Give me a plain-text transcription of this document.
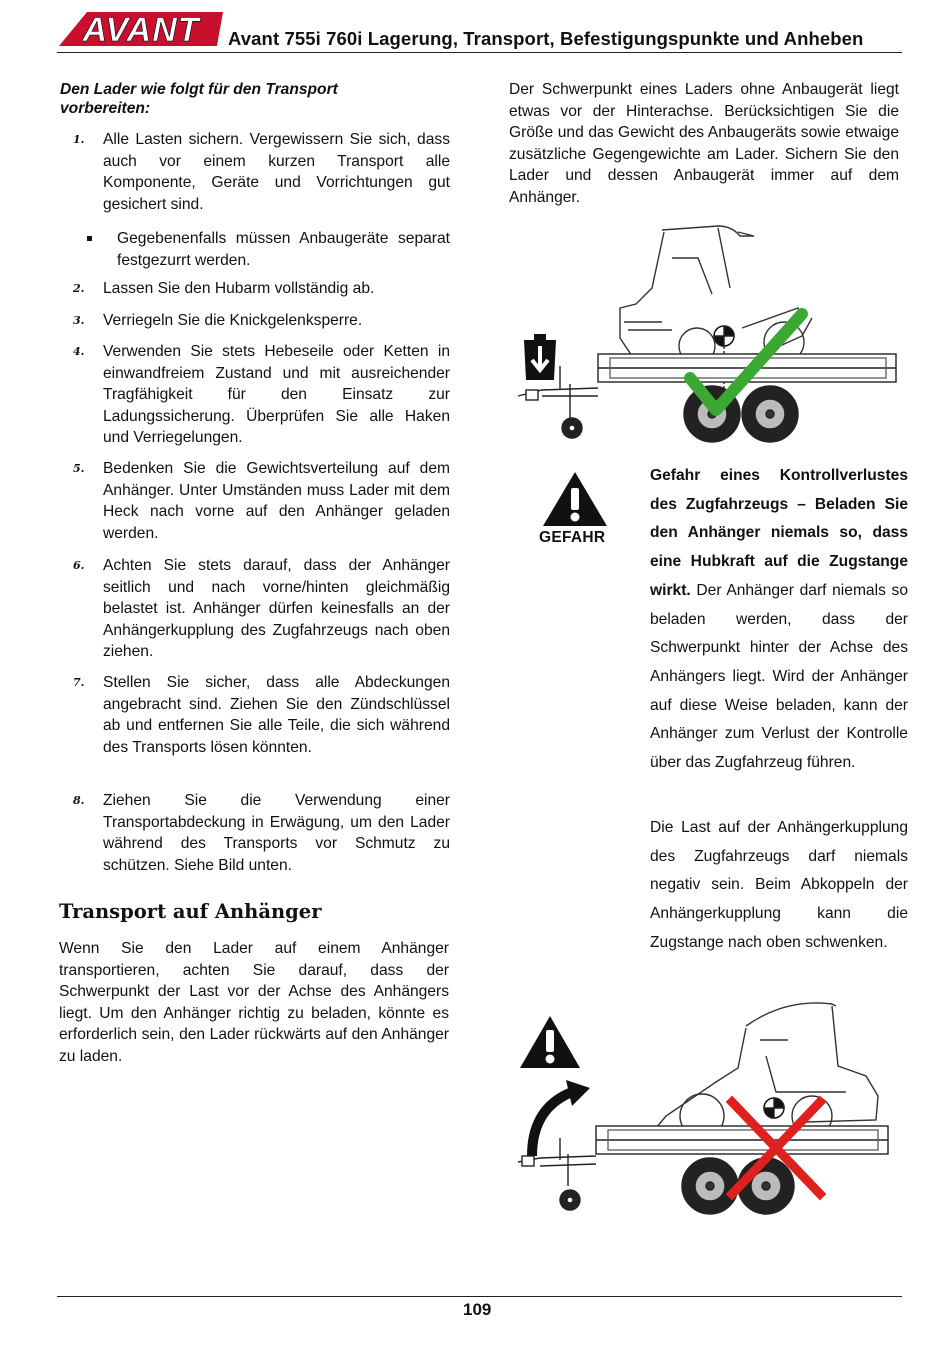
AVANT Avant 755i 760i Lagerung, Transport, Befestigungspunkte und Anheben
Den Lader wie folgt für den Transport vorbereiten:
1. Alle Lasten sichern. Vergewissern Sie sich, dass auch vor einem kurzen Transport alle Komponente, Geräte und Vorrichtungen gut gesichert sind.
Gegebenenfalls müssen Anbaugeräte separat festgezurrt werden.
2. Lassen Sie den Hubarm vollständig ab.
3. Verriegeln Sie die Knickgelenksperre.
4. Verwenden Sie stets Hebeseile oder Ketten in einwandfreiem Zustand und mit ausreichender Tragfähigkeit für den Einsatz zur Ladungssicherung. Überprüfen Sie alle Haken und Verriegelungen.
5. Bedenken Sie die Gewichtsverteilung auf dem Anhänger. Unter Umständen muss Lader mit dem Heck nach vorne auf den Anhänger geladen werden.
6. Achten Sie stets darauf, dass der Anhänger seitlich und nach vorne/hinten gleichmäßig belastet ist. Anhänger dürfen keinesfalls an der Anhängerkupplung des Zugfahrzeugs nach oben ziehen.
7. Stellen Sie sicher, dass alle Abdeckungen angebracht sind. Ziehen Sie den Zündschlüssel ab und entfernen Sie alle Teile, die sich während des Transports lösen könnten.
8. Ziehen Sie die Verwendung einer Transportabdeckung in Erwägung, um den Lader während des Transports vor Schmutz zu schützen. Siehe Bild unten.
Transport auf Anhänger
Wenn Sie den Lader auf einem Anhänger transportieren, achten Sie darauf, dass der Schwerpunkt der Last vor der Achse des Anhängers liegt. Um den Anhänger richtig zu beladen, könnte es erforderlich sein, den Lader rückwärts auf den Anhänger zu laden.
Der Schwerpunkt eines Laders ohne Anbaugerät liegt etwas vor der Hinterachse. Berücksichtigen Sie die Größe und das Gewicht des Anbaugeräts sowie etwaige zusätzliche Gegengewichte am Lader. Sichern Sie den Lader und dessen Anbaugerät immer auf dem Anhänger.
GEFAHR
Gefahr eines Kontrollverlustes des Zugfahrzeugs – Beladen Sie den Anhänger niemals so, dass eine Hubkraft auf die Zugstange wirkt. Der Anhänger darf niemals so beladen werden, dass der Schwerpunkt hinter der Achse des Anhängers liegt. Wird der Anhänger auf diese Weise beladen, kann der Anhänger zum Verlust der Kontrolle über das Zugfahrzeug führen.
Die Last auf der Anhängerkupplung des Zugfahrzeugs darf niemals negativ sein. Beim Abkoppeln der Anhängerkupplung kann die Zugstange nach oben schwenken.
109
